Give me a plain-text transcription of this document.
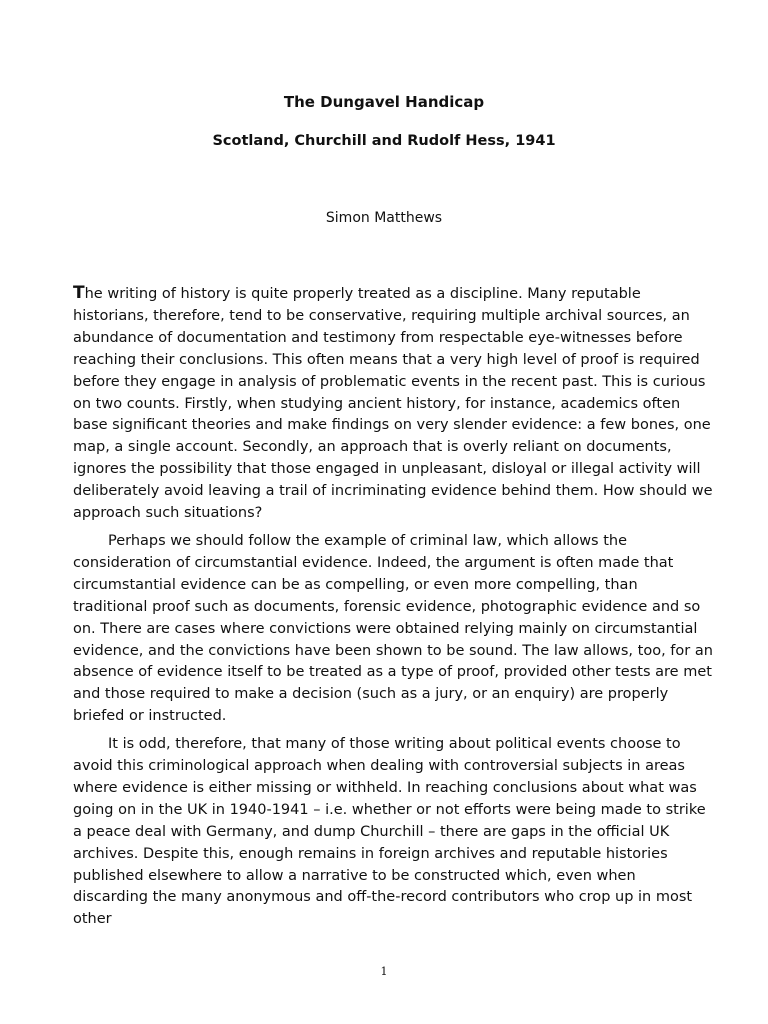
The Dungavel Handicap
Scotland, Churchill and Rudolf Hess, 1941
Simon Matthews

The writing of history is quite properly treated as a discipline. Many reputable historians, therefore, tend to be conservative, requiring multiple archival sources, an abundance of documentation and testimony from respectable eye-witnesses before reaching their conclusions. This often means that a very high level of proof is required before they engage in analysis of problematic events in the recent past. This is curious on two counts. Firstly, when studying ancient history, for instance, academics often base significant theories and make findings on very slender evidence: a few bones, one map, a single account. Secondly, an approach that is overly reliant on documents, ignores the possibility that those engaged in unpleasant, disloyal or illegal activity will deliberately avoid leaving a trail of incriminating evidence behind them. How should we approach such situations?

Perhaps we should follow the example of criminal law, which allows the consideration of circumstantial evidence. Indeed, the argument is often made that circumstantial evidence can be as compelling, or even more compelling, than traditional proof such as documents, forensic evidence, photographic evidence and so on. There are cases where convictions were obtained relying mainly on circumstantial evidence, and the convictions have been shown to be sound. The law allows, too, for an absence of evidence itself to be treated as a type of proof, provided other tests are met and those required to make a decision (such as a jury, or an enquiry) are properly briefed or instructed.

It is odd, therefore, that many of those writing about political events choose to avoid this criminological approach when dealing with controversial subjects in areas where evidence is either missing or withheld. In reaching conclusions about what was going on in the UK in 1940-1941 – i.e. whether or not efforts were being made to strike a peace deal with Germany, and dump Churchill – there are gaps in the official UK archives. Despite this, enough remains in foreign archives and reputable histories published elsewhere to allow a narrative to be constructed which, even when discarding the many anonymous and off-the-record contributors who crop up in most other

1
